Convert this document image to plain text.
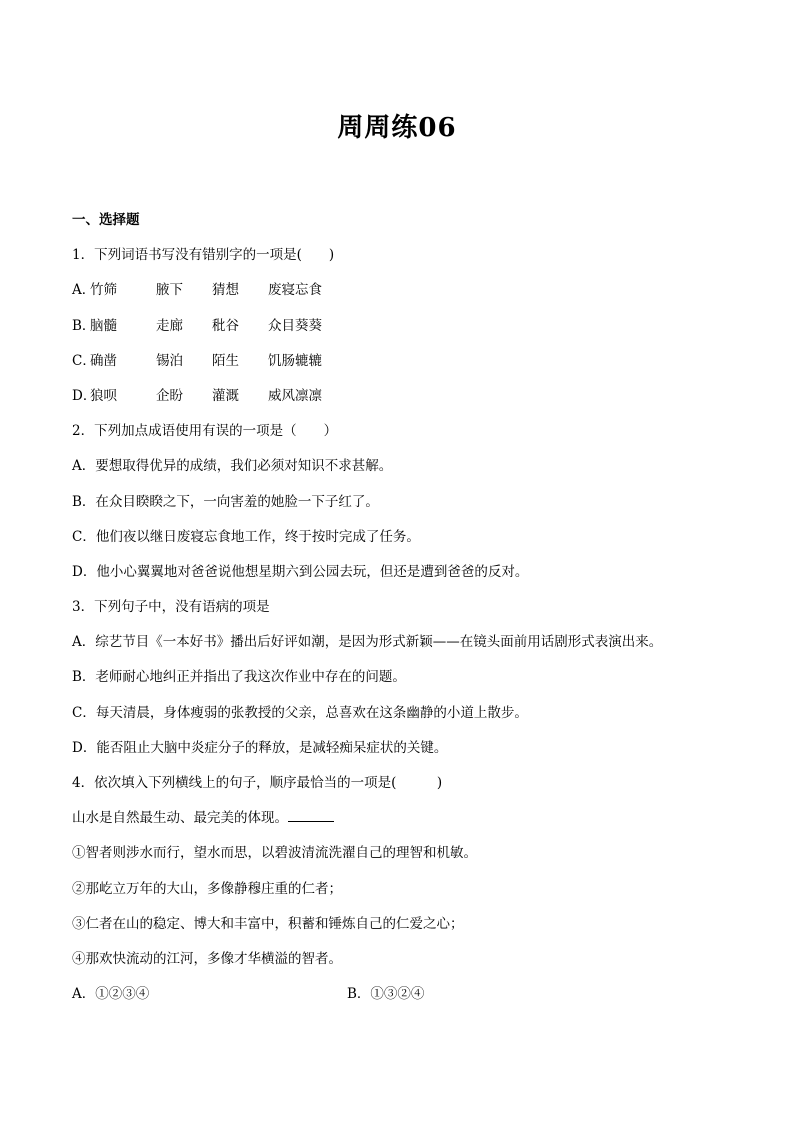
周周练06
一、选择题
1．下列词语书写没有错别字的一项是(　　)
A．竹筛	腋下 猜想 废寝忘食
B．脑髓	走廊 秕谷 众目葵葵
C．确凿	锡泊 陌生 饥肠辘辘
D．狼呗	企盼 灌溉 威风凛凛
2．下列加点成语使用有误的一项是（　　）
A．要想取得优异的成绩，我们必须对知识不求甚解。
B．在众目睽睽之下，一向害羞的她脸一下子红了。
C．他们夜以继日废寝忘食地工作，终于按时完成了任务。
D．他小心翼翼地对爸爸说他想星期六到公园去玩，但还是遭到爸爸的反对。
3．下列句子中，没有语病的项是
A．综艺节目《一本好书》播出后好评如潮，是因为形式新颖——在镜头面前用话剧形式表演出来。
B．老师耐心地纠正并指出了我这次作业中存在的问题。
C．每天清晨，身体瘦弱的张教授的父亲，总喜欢在这条幽静的小道上散步。
D．能否阻止大脑中炎症分子的释放，是减轻痴呆症状的关键。
4．依次填入下列横线上的句子，顺序最恰当的一项是(　　　)
山水是自然最生动、最完美的体现。
①智者则涉水而行，望水而思，以碧波清流洗濯自己的理智和机敏。
②那屹立万年的大山，多像静穆庄重的仁者；
③仁者在山的稳定、博大和丰富中，积蓄和锤炼自己的仁爱之心；
④那欢快流动的江河，多像才华横溢的智者。
A．①②③④	B．①③②④
